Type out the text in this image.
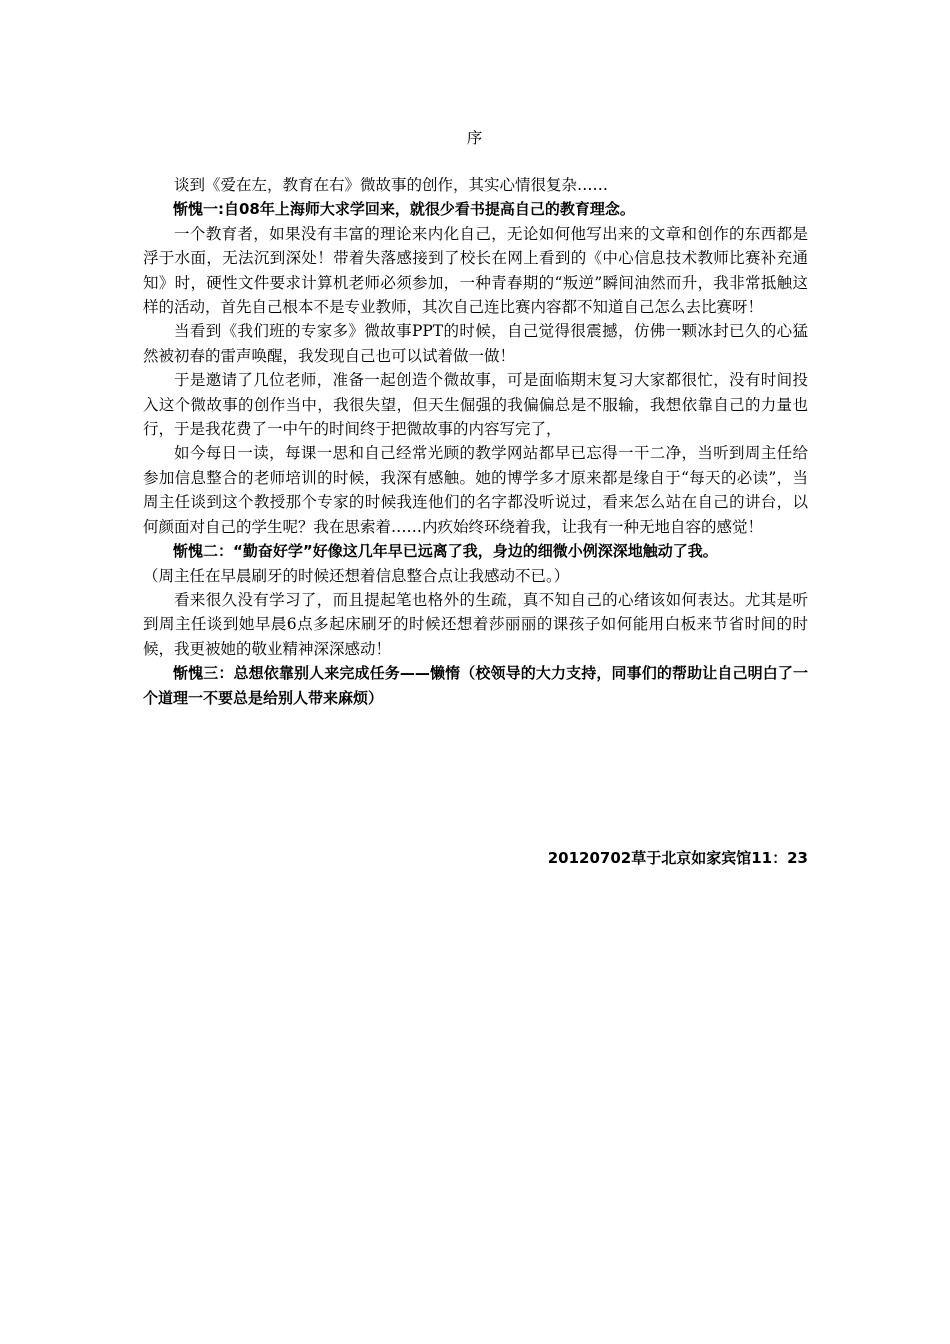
序

谈到《爱在左，教育在右》微故事的创作，其实心情很复杂……

惭愧一:自08年上海师大求学回来，就很少看书提高自己的教育理念。

一个教育者，如果没有丰富的理论来内化自己，无论如何他写出来的文章和创作的东西都是浮于水面，无法沉到深处！带着失落感接到了校长在网上看到的《中心信息技术教师比赛补充通知》时，硬性文件要求计算机老师必须参加，一种青春期的“叛逆”瞬间油然而升，我非常抵触这样的活动，首先自己根本不是专业教师，其次自己连比赛内容都不知道自己怎么去比赛呀！

当看到《我们班的专家多》微故事PPT的时候，自己觉得很震撼，仿佛一颗冰封已久的心猛然被初春的雷声唤醒，我发现自己也可以试着做一做！

于是邀请了几位老师，准备一起创造个微故事，可是面临期末复习大家都很忙，没有时间投入这个微故事的创作当中，我很失望，但天生倔强的我偏偏总是不服输，我想依靠自己的力量也行，于是我花费了一中午的时间终于把微故事的内容写完了，

如今每日一读，每课一思和自己经常光顾的教学网站都早已忘得一干二净，当听到周主任给参加信息整合的老师培训的时候，我深有感触。她的博学多才原来都是缘自于“每天的必读”，当周主任谈到这个教授那个专家的时候我连他们的名字都没听说过，看来怎么站在自己的讲台，以何颜面对自己的学生呢？我在思索着……内疚始终环绕着我，让我有一种无地自容的感觉！

惭愧二：“勤奋好学”好像这几年早已远离了我，身边的细微小例深深地触动了我。

（周主任在早晨刷牙的时候还想着信息整合点让我感动不已。）

看来很久没有学习了，而且提起笔也格外的生疏，真不知自己的心绪该如何表达。尤其是听到周主任谈到她早晨6点多起床刷牙的时候还想着莎丽丽的课孩子如何能用白板来节省时间的时候，我更被她的敬业精神深深感动！

惭愧三：总想依靠别人来完成任务——懒惰（校领导的大力支持，同事们的帮助让自己明白了一个道理一不要总是给别人带来麻烦）

20120702草于北京如家宾馆11：23
